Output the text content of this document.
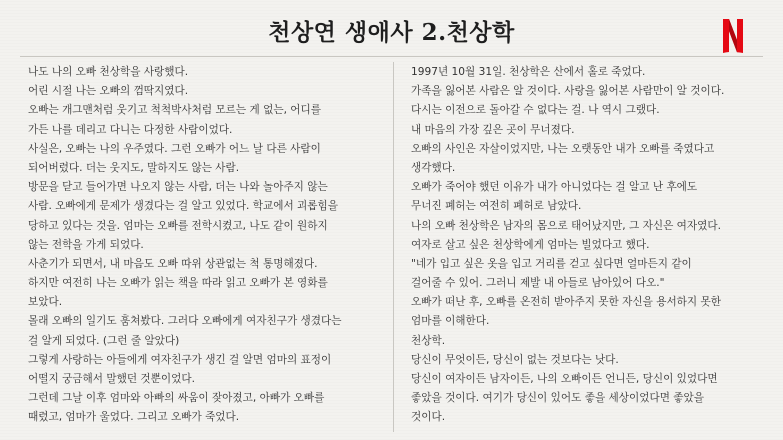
천상연 생애사 2.천상학
나도 나의 오빠 천상학을 사랑했다.
어린 시절 나는 오빠의 껌딱지였다.
오빠는 개그맨처럼 웃기고 척척박사처럼 모르는 게 없는, 어디를
가든 나를 데리고 다니는 다정한 사람이었다.
사실은, 오빠는 나의 우주였다. 그런 오빠가 어느 날 다른 사람이
되어버렸다. 더는 웃지도, 말하지도 않는 사람.
방문을 닫고 들어가면 나오지 않는 사람, 더는 나와 놀아주지 않는
사람. 오빠에게 문제가 생겼다는 걸 알고 있었다. 학교에서 괴롭힘을
당하고 있다는 것을. 엄마는 오빠를 전학시켰고, 나도 같이 원하지
않는 전학을 가게 되었다.
사춘기가 되면서, 내 마음도 오빠 따위 상관없는 척 통명해졌다.
하지만 여전히 나는 오빠가 읽는 책을 따라 읽고 오빠가 본 영화를
보았다.
몰래 오빠의 일기도 훔쳐봤다. 그러다 오빠에게 여자친구가 생겼다는
걸 알게 되었다. (그런 줄 알았다)
그렇게 사랑하는 아들에게 여자친구가 생긴 걸 알면 엄마의 표정이
어떨지 궁금해서 말했던 것뿐이었다.
그런데 그날 이후 엄마와 아빠의 싸움이 잦아졌고, 아빠가 오빠를
때렸고, 엄마가 울었다. 그리고 오빠가 죽었다.
1997년 10월 31일. 천상학은 산에서 홀로 죽었다.
가족을 잃어본 사람은 알 것이다. 사랑을 잃어본 사람만이 알 것이다.
다시는 이전으로 돌아갈 수 없다는 걸. 나 역시 그랬다.
내 마음의 가장 깊은 곳이 무너졌다.
오빠의 사인은 자살이었지만, 나는 오랫동안 내가 오빠를 죽였다고
생각했다.
오빠가 죽어야 했던 이유가 내가 아니었다는 걸 알고 난 후에도
무너진 폐허는 여전히 폐허로 남았다.
나의 오빠 천상학은 남자의 몸으로 태어났지만, 그 자신은 여자였다.
여자로 살고 싶은 천상학에게 엄마는 빌었다고 했다.
"네가 입고 싶은 옷을 입고 거리를 걷고 싶다면 얼마든지 같이
걸어줄 수 있어. 그러니 제발 내 아들로 남아있어 다오."
오빠가 떠난 후, 오빠를 온전히 받아주지 못한 자신을 용서하지 못한
엄마를 이해한다.
천상학.
당신이 무엇이든, 당신이 없는 것보다는 낫다.
당신이 여자이든 남자이든, 나의 오빠이든 언니든, 당신이 있었다면
좋았을 것이다. 여기가 당신이 있어도 좋을 세상이었다면 좋았을
것이다.
